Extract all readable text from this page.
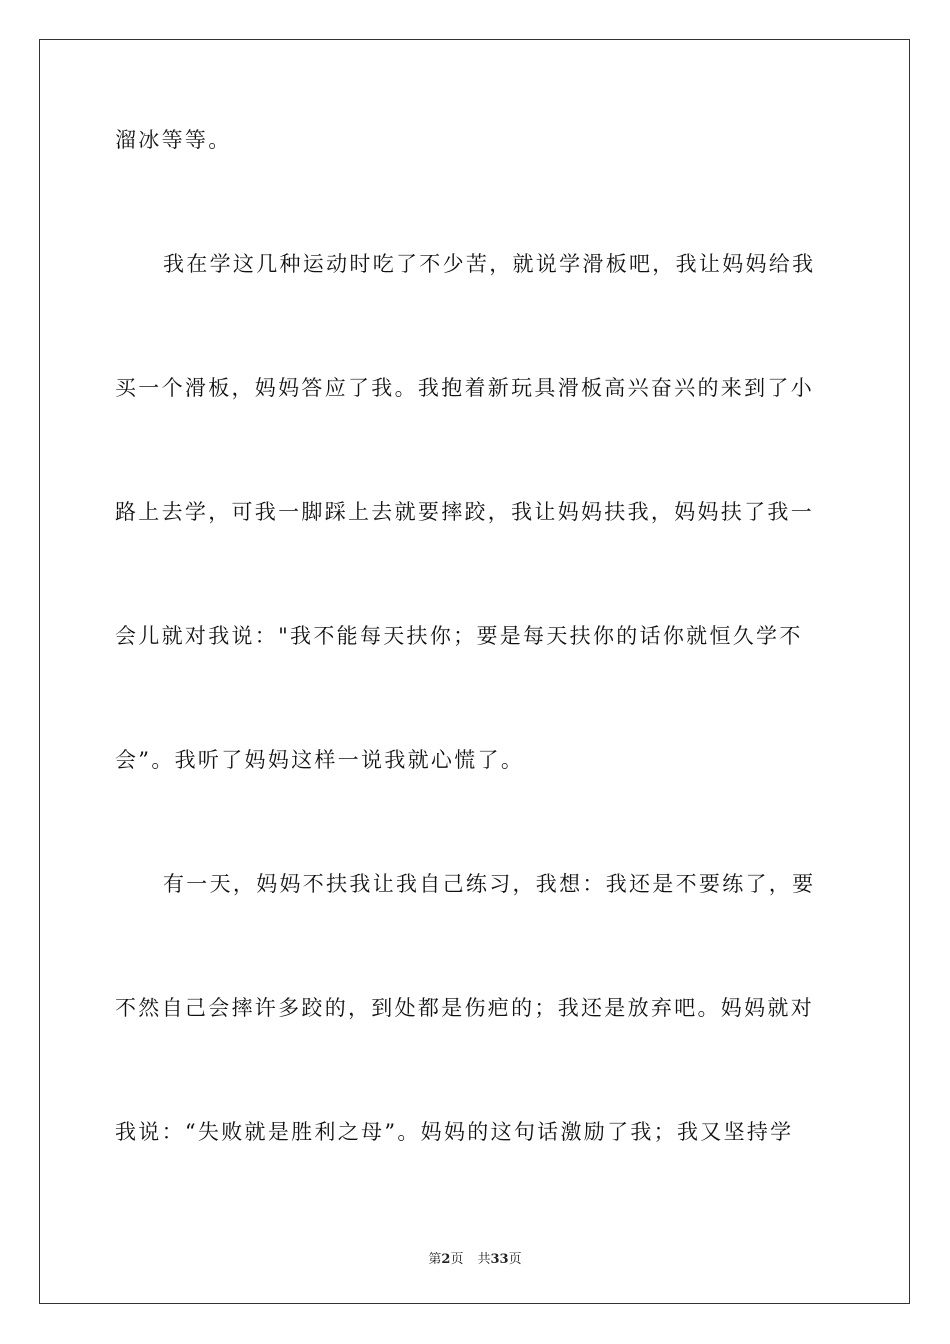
溜冰等等。

我在学这几种运动时吃了不少苦，就说学滑板吧，我让妈妈给我

买一个滑板，妈妈答应了我。我抱着新玩具滑板高兴奋兴的来到了小

路上去学，可我一脚踩上去就要摔跤，我让妈妈扶我，妈妈扶了我一

会儿就对我说："我不能每天扶你；要是每天扶你的话你就恒久学不

会”。我听了妈妈这样一说我就心慌了。

有一天，妈妈不扶我让我自己练习，我想：我还是不要练了，要

不然自己会摔许多跤的，到处都是伤疤的；我还是放弃吧。妈妈就对

我说：“失败就是胜利之母”。妈妈的这句话激励了我；我又坚持学

第2页 共33页
